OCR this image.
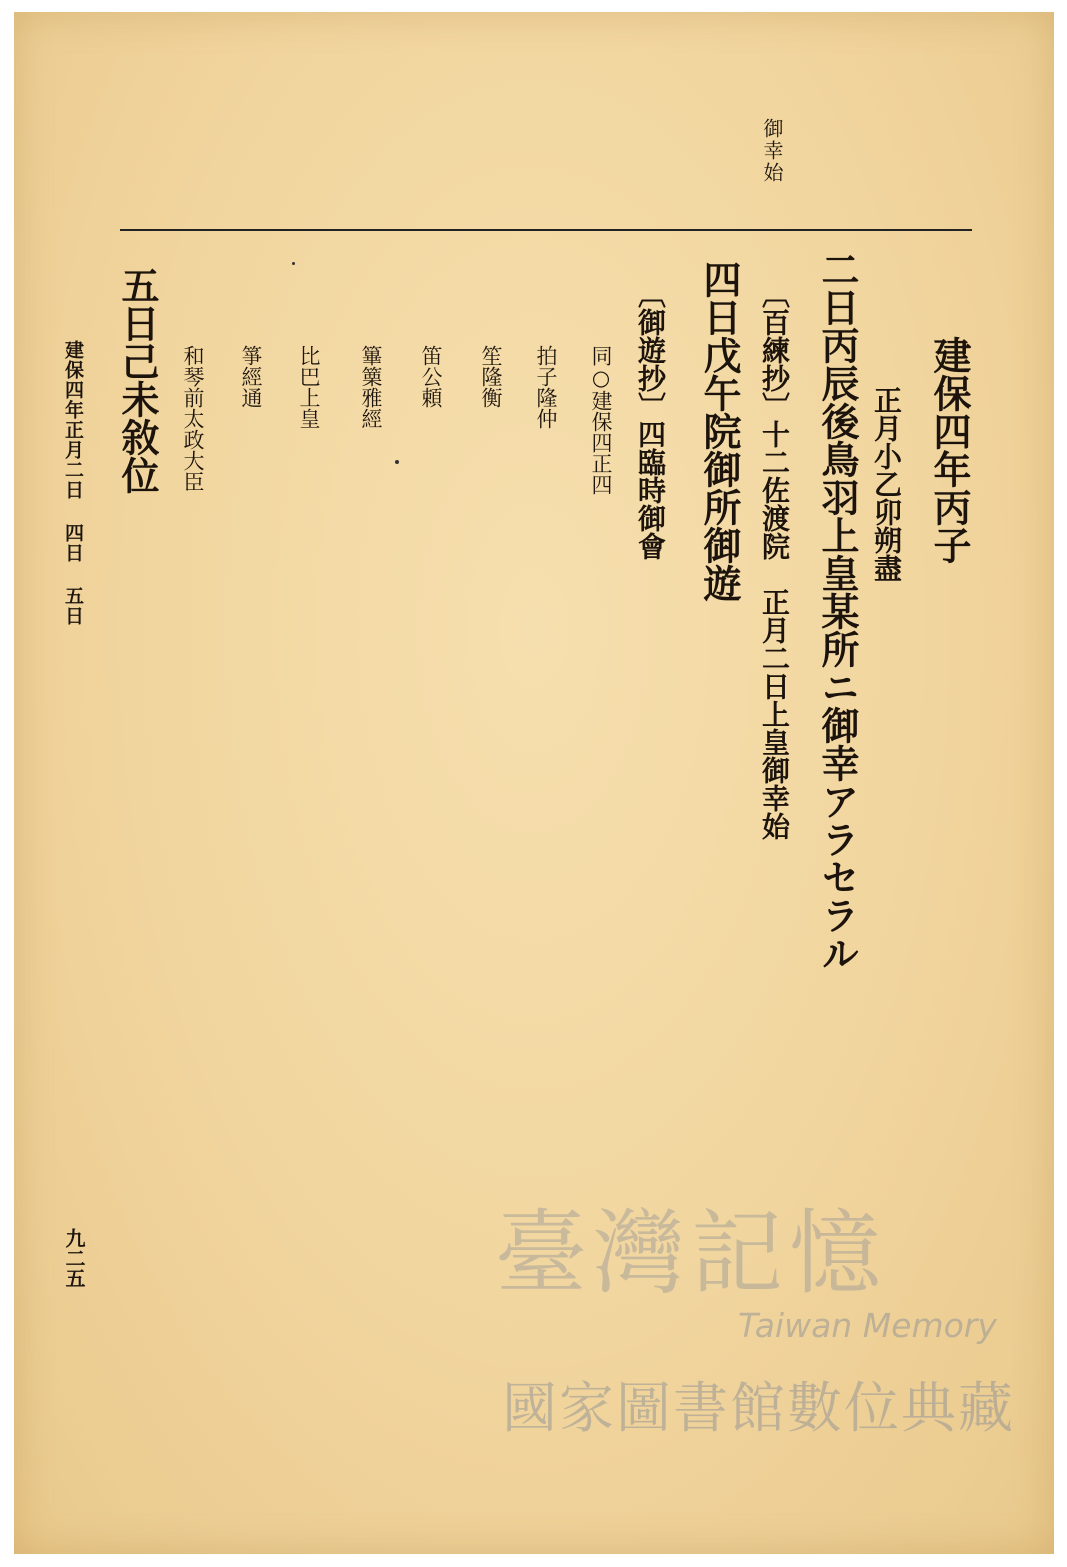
御幸始
建保四年丙子
正月小乙卯朔盡
二日丙辰後鳥羽上皇某所ニ御幸アラセラル
〔百練抄〕十二佐渡院　正月二日上皇御幸始
四日戊午院御所御遊
〔御遊抄〕四臨時御會
同○建保四正四
拍子隆仲
笙隆衡
笛公頼
篳篥雅經
比巴上皇
箏經通
和琴前太政大臣
五日己未敘位
建保四年正月二日 四日 五日
九二五	臺灣記憶
Taiwan Memory
國家圖書館數位典藏
